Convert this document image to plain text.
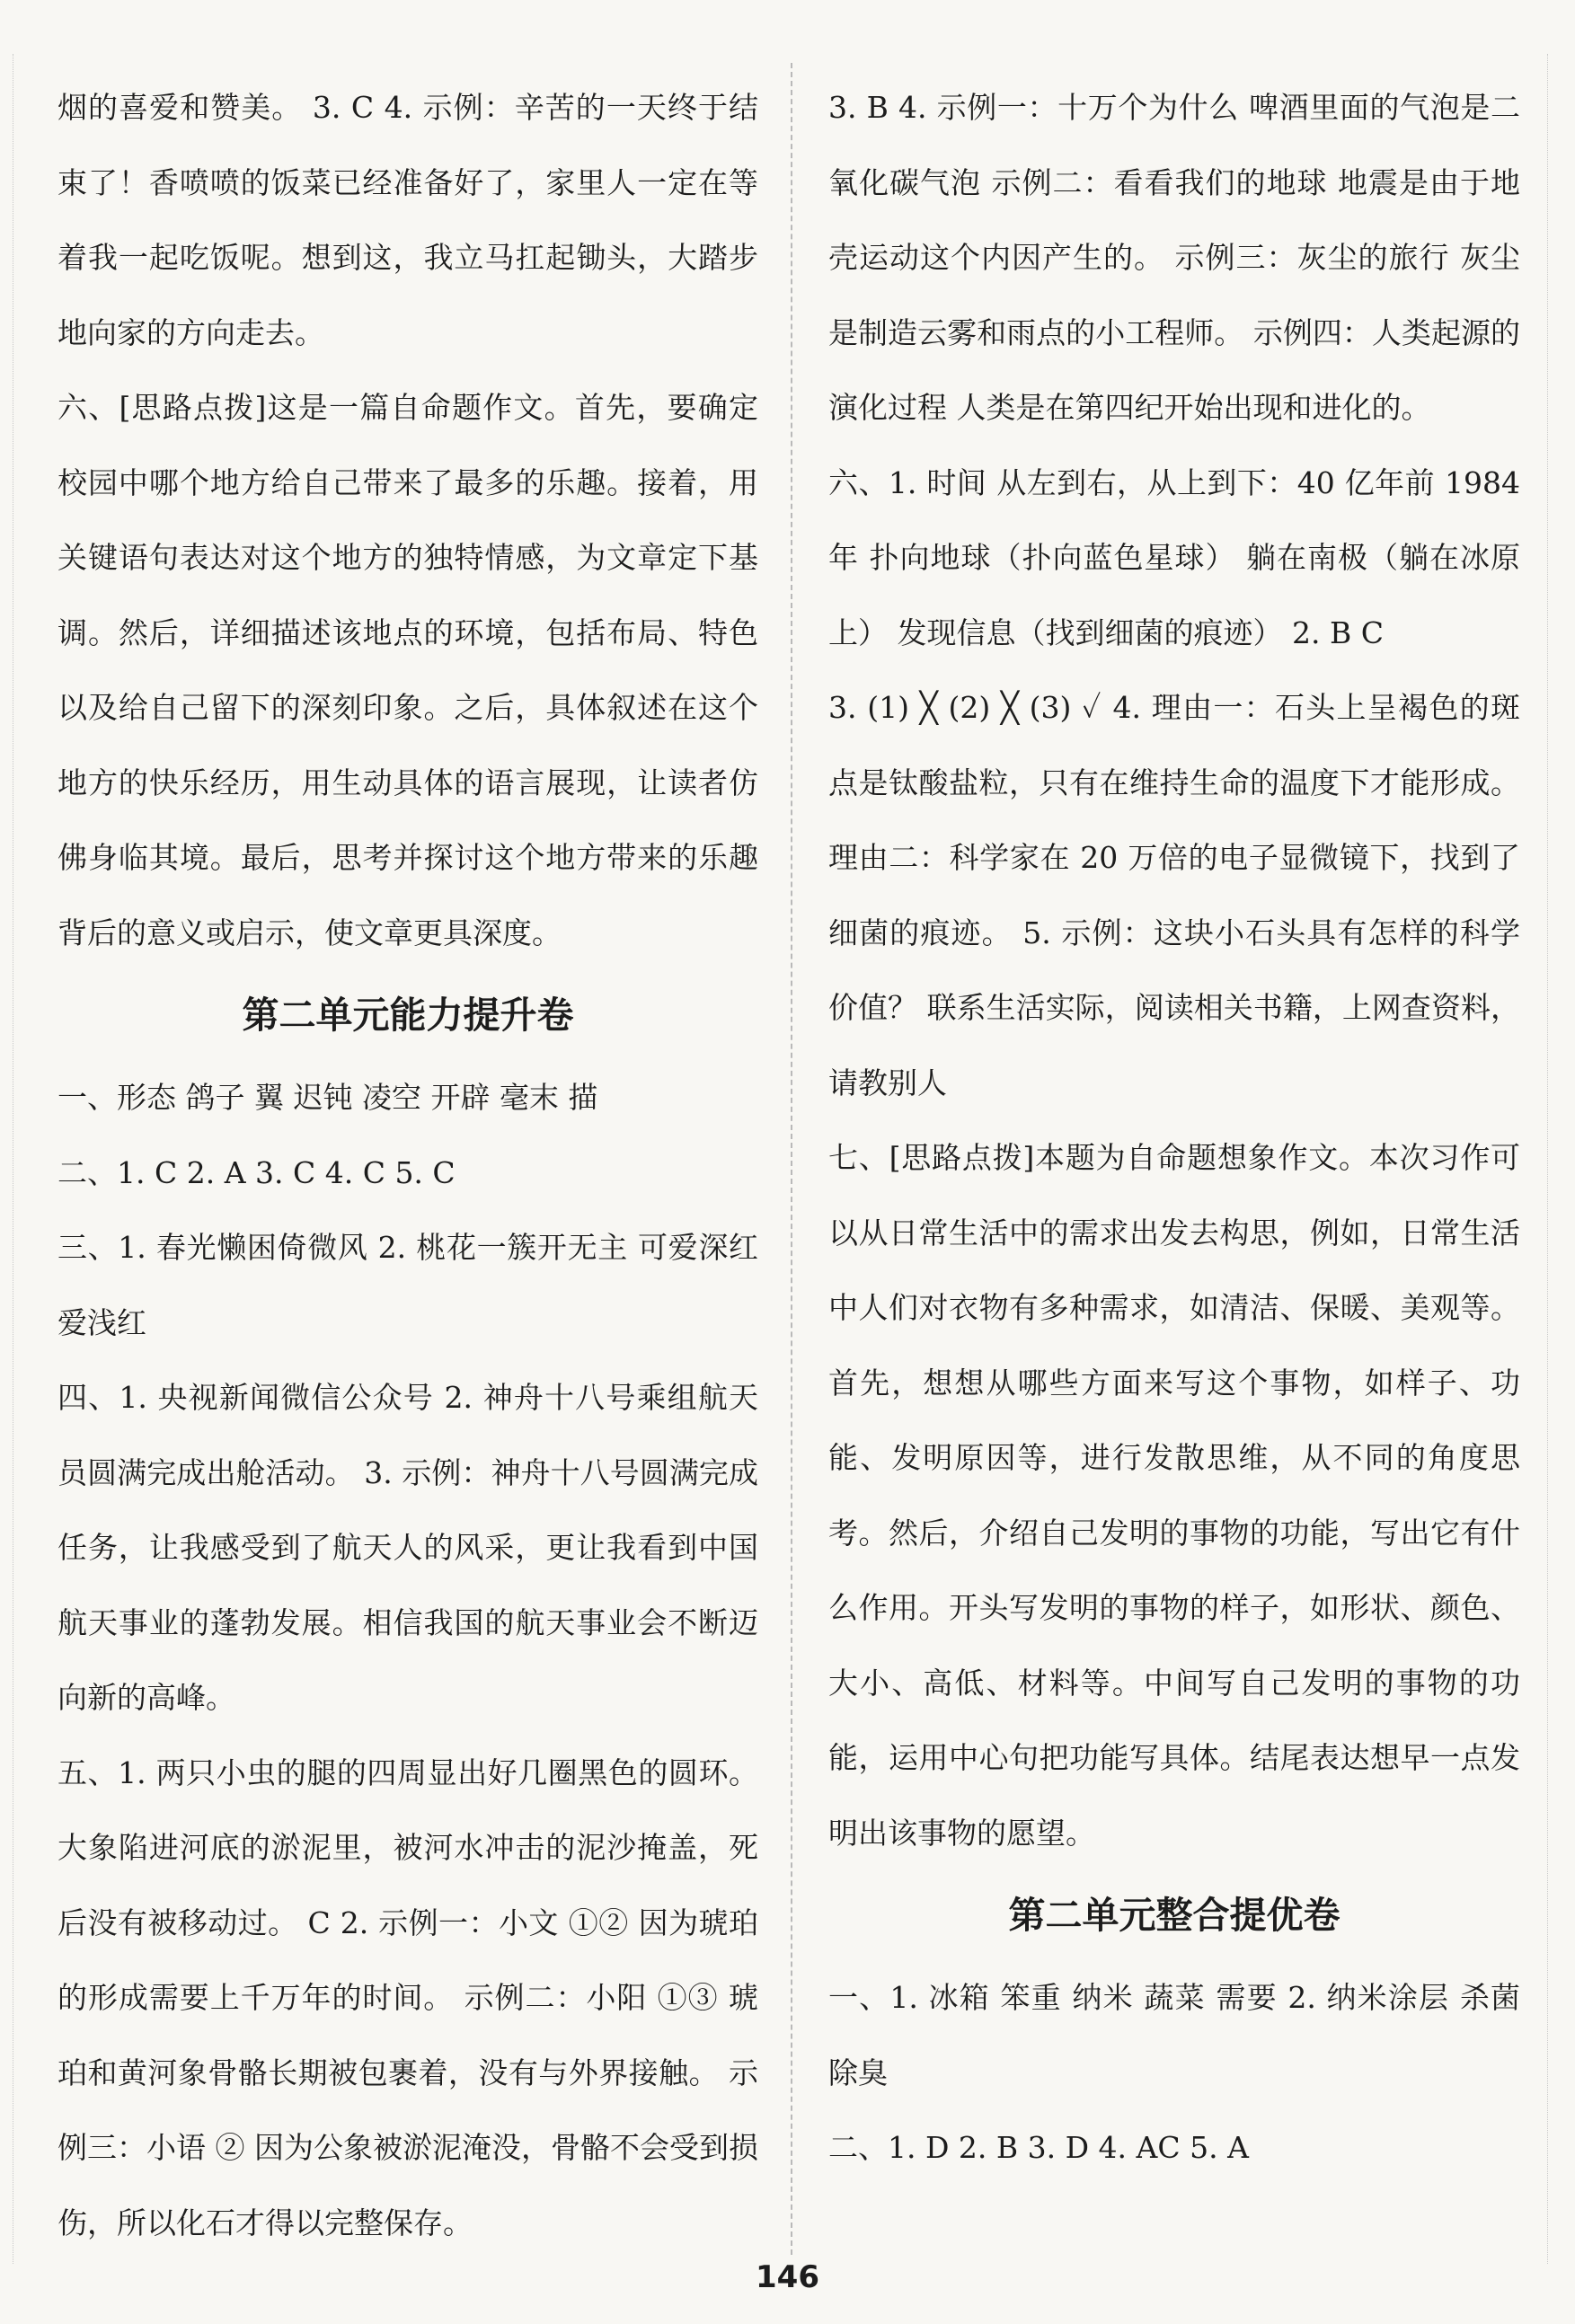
烟的喜爱和赞美。 3. C 4. 示例：辛苦的一天终于结束了！香喷喷的饭菜已经准备好了，家里人一定在等着我一起吃饭呢。想到这，我立马扛起锄头，大踏步地向家的方向走去。

六、[思路点拨]这是一篇自命题作文。首先，要确定校园中哪个地方给自己带来了最多的乐趣。接着，用关键语句表达对这个地方的独特情感，为文章定下基调。然后，详细描述该地点的环境，包括布局、特色以及给自己留下的深刻印象。之后，具体叙述在这个地方的快乐经历，用生动具体的语言展现，让读者仿佛身临其境。最后，思考并探讨这个地方带来的乐趣背后的意义或启示，使文章更具深度。

第二单元能力提升卷

一、形态 鸽子 翼 迟钝 凌空 开辟 毫末 描

二、1. C 2. A 3. C 4. C 5. C

三、1. 春光懒困倚微风 2. 桃花一簇开无主 可爱深红爱浅红

四、1. 央视新闻微信公众号 2. 神舟十八号乘组航天员圆满完成出舱活动。 3. 示例：神舟十八号圆满完成任务，让我感受到了航天人的风采，更让我看到中国航天事业的蓬勃发展。相信我国的航天事业会不断迈向新的高峰。

五、1. 两只小虫的腿的四周显出好几圈黑色的圆环。大象陷进河底的淤泥里，被河水冲击的泥沙掩盖，死后没有被移动过。 C 2. 示例一：小文 ①② 因为琥珀的形成需要上千万年的时间。 示例二：小阳 ①③ 琥珀和黄河象骨骼长期被包裹着，没有与外界接触。 示例三：小语 ② 因为公象被淤泥淹没，骨骼不会受到损伤，所以化石才得以完整保存。

3. B 4. 示例一：十万个为什么 啤酒里面的气泡是二氧化碳气泡 示例二：看看我们的地球 地震是由于地壳运动这个内因产生的。 示例三：灰尘的旅行 灰尘是制造云雾和雨点的小工程师。 示例四：人类起源的演化过程 人类是在第四纪开始出现和进化的。

六、1. 时间 从左到右，从上到下：40 亿年前 1984 年 扑向地球（扑向蓝色星球） 躺在南极（躺在冰原上） 发现信息（找到细菌的痕迹） 2. B C

3. (1) ╳ (2) ╳ (3) ✓ 4. 理由一：石头上呈褐色的斑点是钛酸盐粒，只有在维持生命的温度下才能形成。 理由二：科学家在 20 万倍的电子显微镜下，找到了细菌的痕迹。 5. 示例：这块小石头具有怎样的科学价值？ 联系生活实际，阅读相关书籍，上网查资料，请教别人

七、[思路点拨]本题为自命题想象作文。本次习作可以从日常生活中的需求出发去构思，例如，日常生活中人们对衣物有多种需求，如清洁、保暖、美观等。首先，想想从哪些方面来写这个事物，如样子、功能、发明原因等，进行发散思维，从不同的角度思考。然后，介绍自己发明的事物的功能，写出它有什么作用。开头写发明的事物的样子，如形状、颜色、大小、高低、材料等。中间写自己发明的事物的功能，运用中心句把功能写具体。结尾表达想早一点发明出该事物的愿望。

第二单元整合提优卷

一、1. 冰箱 笨重 纳米 蔬菜 需要 2. 纳米涂层 杀菌 除臭

二、1. D 2. B 3. D 4. AC 5. A

146
